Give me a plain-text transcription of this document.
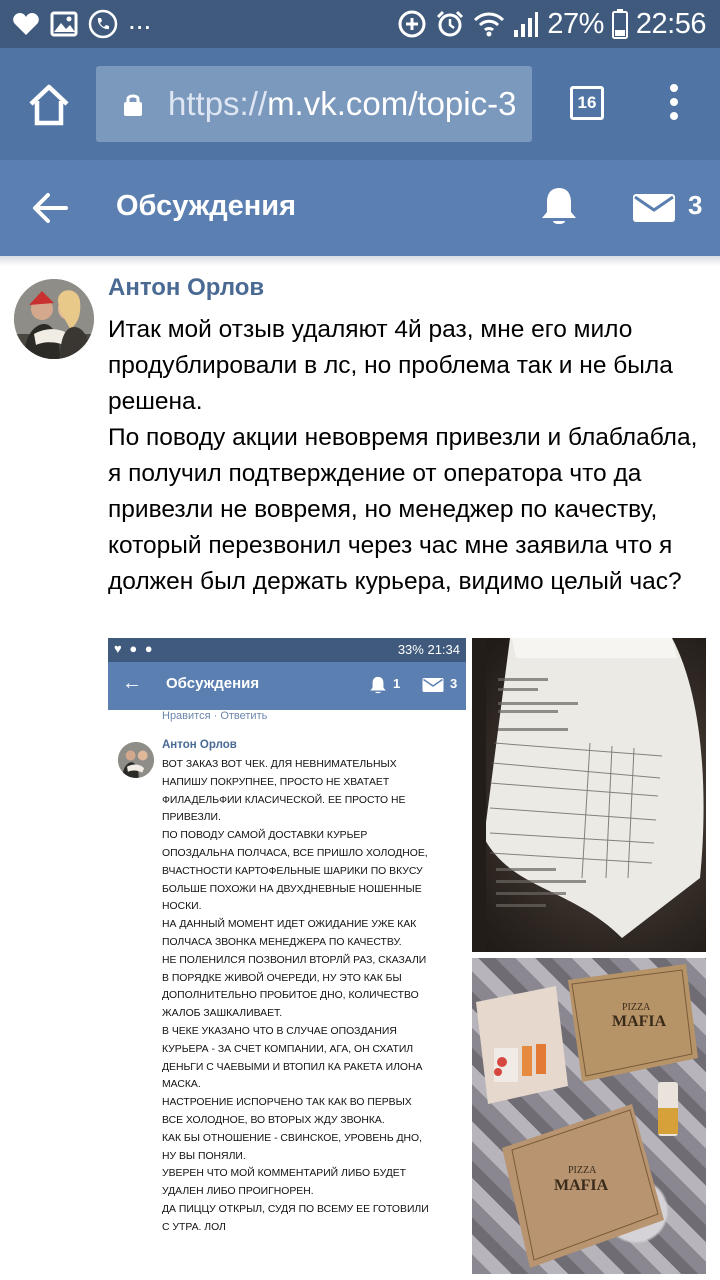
...	27% 22:56
https://m.vk.com/topic-3	16
Обсуждения	3
Антон Орлов

Итак мой отзыв удаляют 4й раз, мне его мило продублировали в лс, но проблема так и не была решена.

По поводу акции невовремя привезли и блабла​бла, я получил подтверждение от оператора что да привезли не вовремя, но менеджер по качеству, который перезвонил через час мне заявила что я должен был держать курьера, видимо целый час?

♥ ● ●	33% 21:34
← Обсуждения	1	3
Нравится · Ответить
Антон Орлов
ВОТ ЗАКАЗ ВОТ ЧЕК. ДЛЯ НЕВНИМАТЕЛЬНЫХ
НАПИШУ ПОКРУПНЕЕ, ПРОСТО НЕ ХВАТАЕТ
ФИЛАДЕЛЬФИИ КЛАСИЧЕСКОЙ. ЕЕ ПРОСТО НЕ
ПРИВЕЗЛИ.
ПО ПОВОДУ САМОЙ ДОСТАВКИ КУРЬЕР
ОПОЗДАЛЬНА ПОЛЧАСА, ВСЕ ПРИШЛО ХОЛОДНОЕ,
ВЧАСТНОСТИ КАРТОФЕЛЬНЫЕ ШАРИКИ ПО ВКУСУ
БОЛЬШЕ ПОХОЖИ НА ДВУХДНЕВНЫЕ НОШЕННЫЕ
НОСКИ.
НА ДАННЫЙ МОМЕНТ ИДЕТ ОЖИДАНИЕ УЖЕ КАК
ПОЛЧАСА ЗВОНКА МЕНЕДЖЕРА ПО КАЧЕСТВУ.
НЕ ПОЛЕНИЛСЯ ПОЗВОНИЛ ВТОРЛЙ РАЗ, СКАЗАЛИ
В ПОРЯДКЕ ЖИВОЙ ОЧЕРЕДИ, НУ ЭТО КАК БЫ
ДОПОЛНИТЕЛЬНО ПРОБИТОЕ ДНО, КОЛИЧЕСТВО
ЖАЛОБ ЗАШКАЛИВАЕТ.
В ЧЕКЕ УКАЗАНО ЧТО В СЛУЧАЕ ОПОЗДАНИЯ
КУРЬЕРА - ЗА СЧЕТ КОМПАНИИ, АГА, ОН СХАТИЛ
ДЕНЬГИ С ЧАЕВЫМИ И ВТОПИЛ КА РАКЕТА ИЛОНА
МАСКА.
НАСТРОЕНИЕ ИСПОРЧЕНО ТАК КАК ВО ПЕРВЫХ
ВСЕ ХОЛОДНОЕ, ВО ВТОРЫХ ЖДУ ЗВОНКА.
КАК БЫ ОТНОШЕНИЕ - СВИНСКОЕ, УРОВЕНЬ ДНО,
НУ ВЫ ПОНЯЛИ.
УВЕРЕН ЧТО МОЙ КОММЕНТАРИЙ ЛИБО БУДЕТ
УДАЛЕН ЛИБО ПРОИГНОРЕН.
ДА ПИЦЦУ ОТКРЫЛ, СУДЯ ПО ВСЕМУ ЕЕ ГОТОВИЛИ
С УТРА. ЛОЛ
PIZZA
MAFIA
PIZZA
MAFIA
